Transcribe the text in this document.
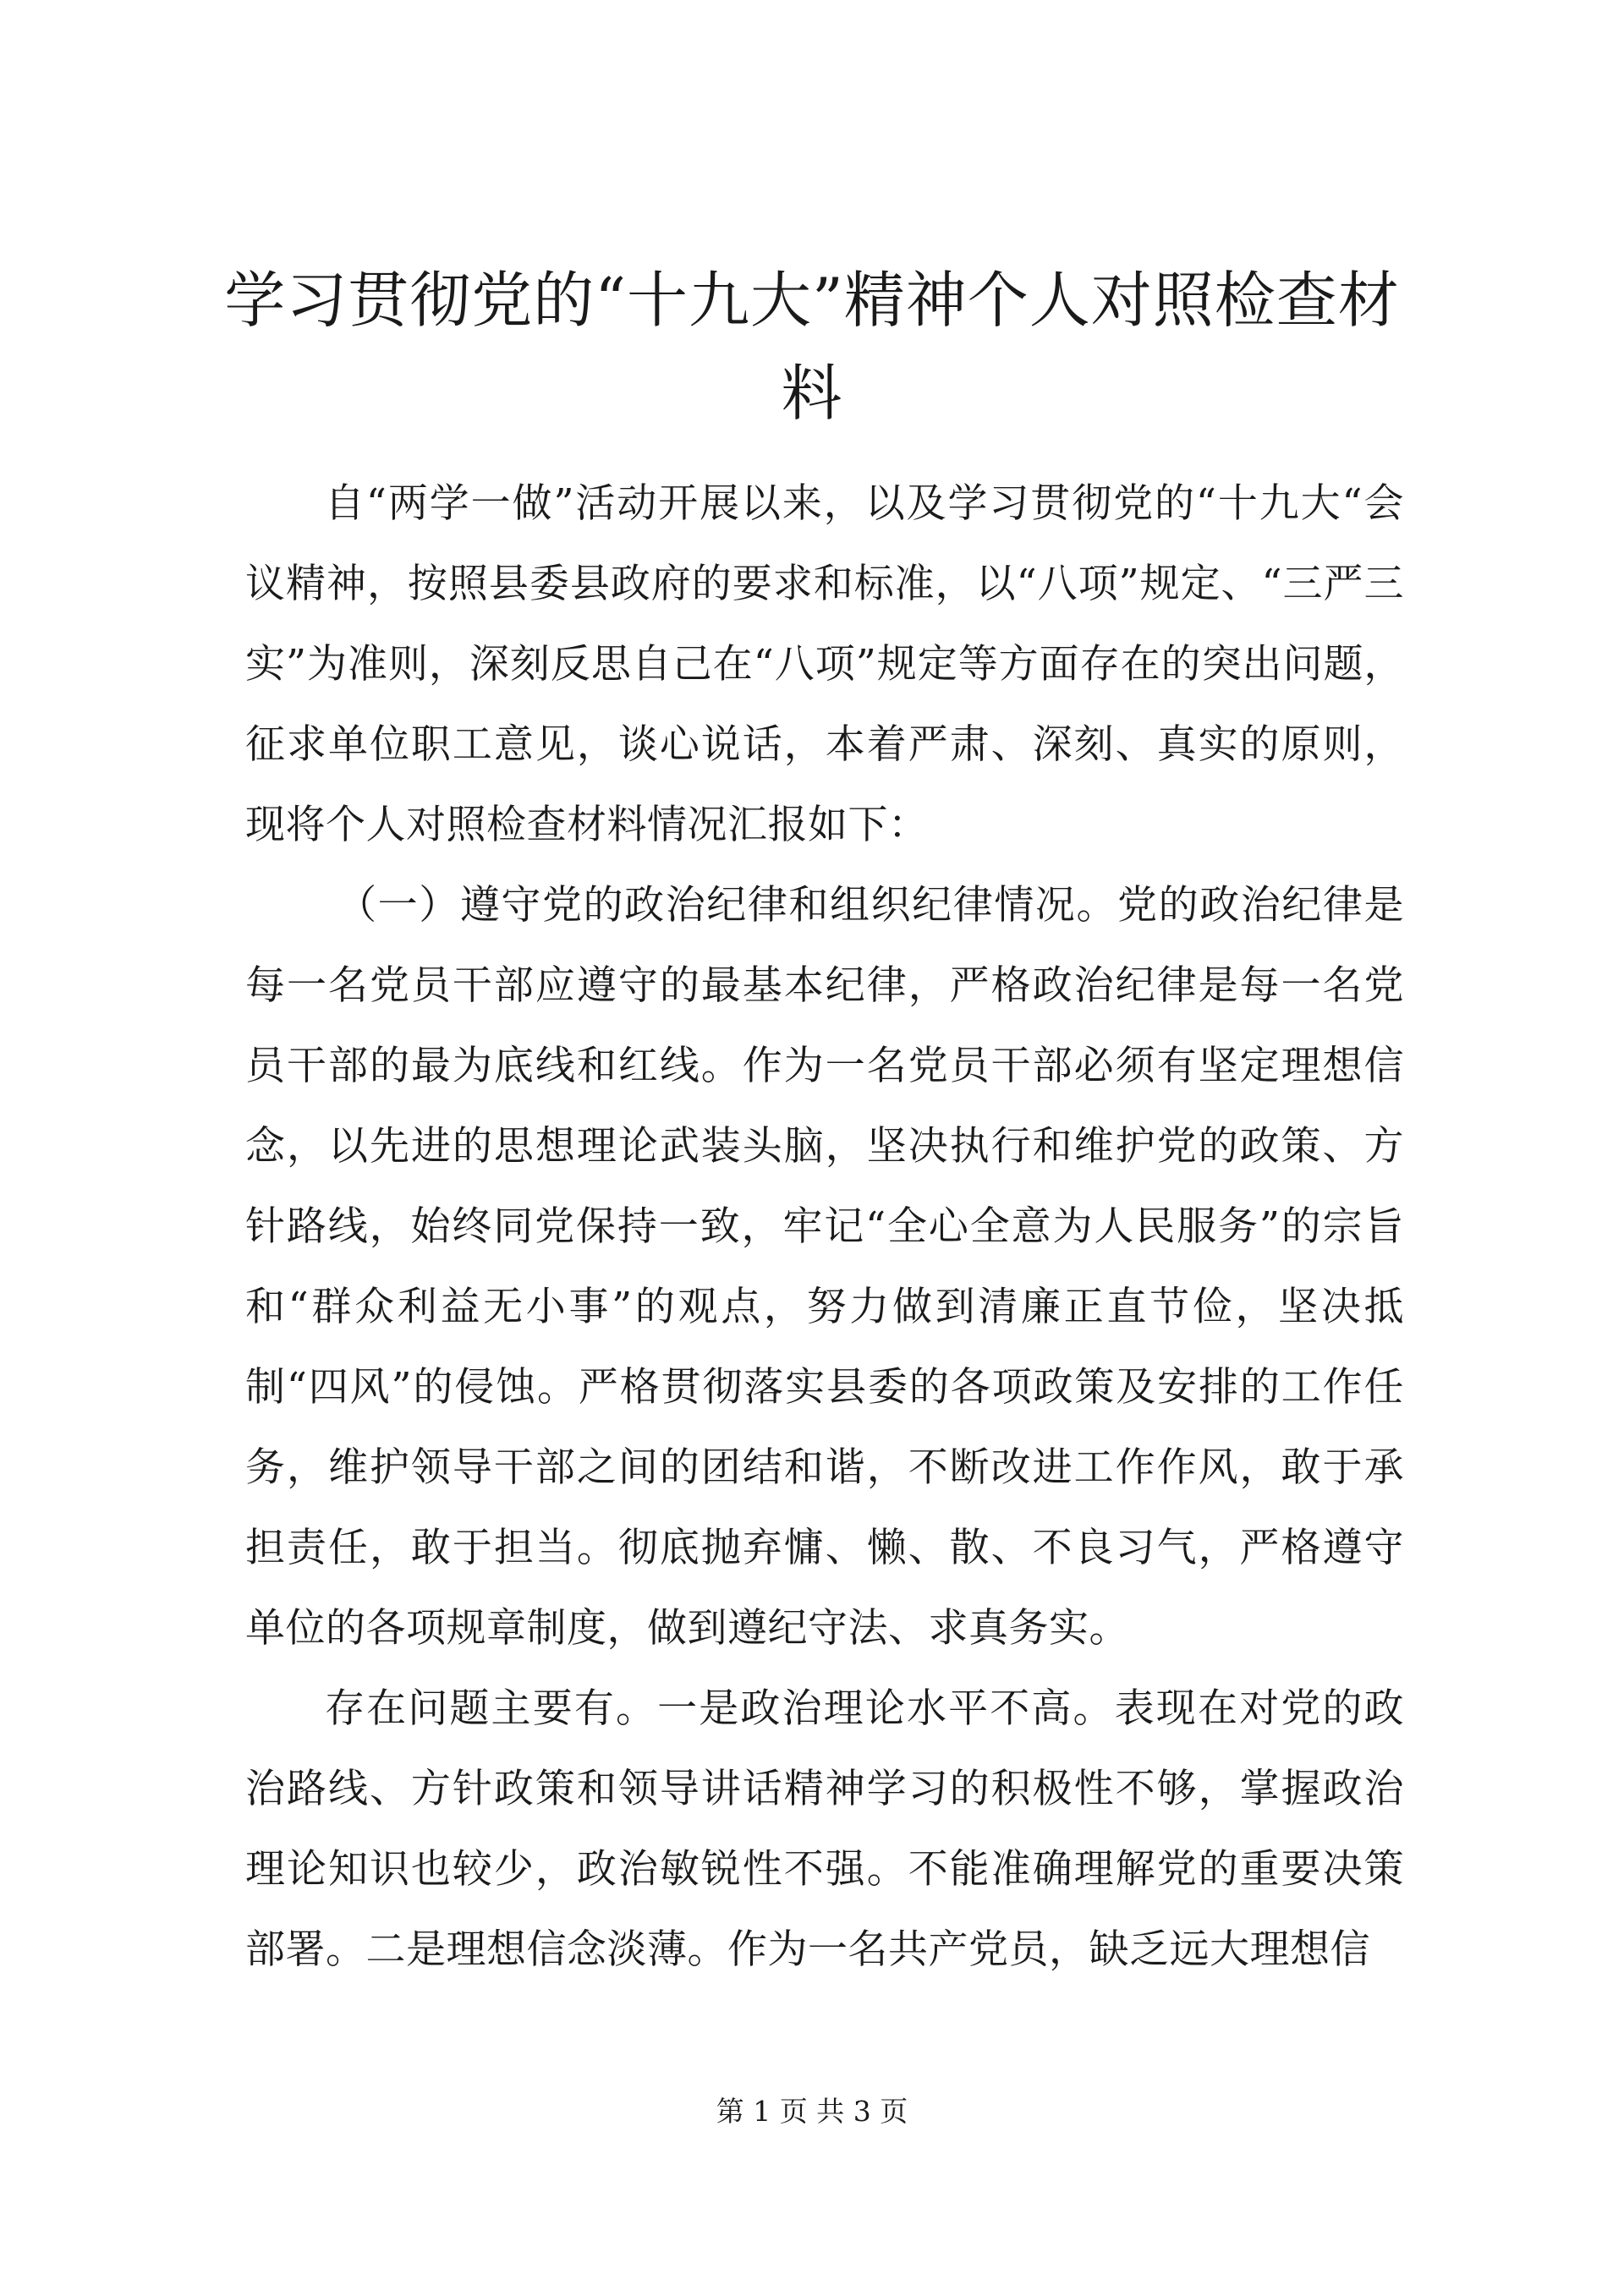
学习贯彻党的“十九大”精神个人对照检查材料

自“两学一做”活动开展以来，以及学习贯彻党的“十九大“会议精神，按照县委县政府的要求和标准，以“八项”规定、“三严三实”为准则，深刻反思自己在“八项”规定等方面存在的突出问题，征求单位职工意见，谈心说话，本着严肃、深刻、真实的原则，现将个人对照检查材料情况汇报如下：

（一）遵守党的政治纪律和组织纪律情况。党的政治纪律是每一名党员干部应遵守的最基本纪律，严格政治纪律是每一名党员干部的最为底线和红线。作为一名党员干部必须有坚定理想信念，以先进的思想理论武装头脑，坚决执行和维护党的政策、方针路线，始终同党保持一致，牢记“全心全意为人民服务”的宗旨和“群众利益无小事”的观点，努力做到清廉正直节俭，坚决抵制“四风”的侵蚀。严格贯彻落实县委的各项政策及安排的工作任务，维护领导干部之间的团结和谐，不断改进工作作风，敢于承担责任，敢于担当。彻底抛弃慵、懒、散、不良习气，严格遵守单位的各项规章制度，做到遵纪守法、求真务实。

存在问题主要有。一是政治理论水平不高。表现在对党的政治路线、方针政策和领导讲话精神学习的积极性不够，掌握政治理论知识也较少，政治敏锐性不强。不能准确理解党的重要决策部署。二是理想信念淡薄。作为一名共产党员，缺乏远大理想信

第 1 页 共 3 页
